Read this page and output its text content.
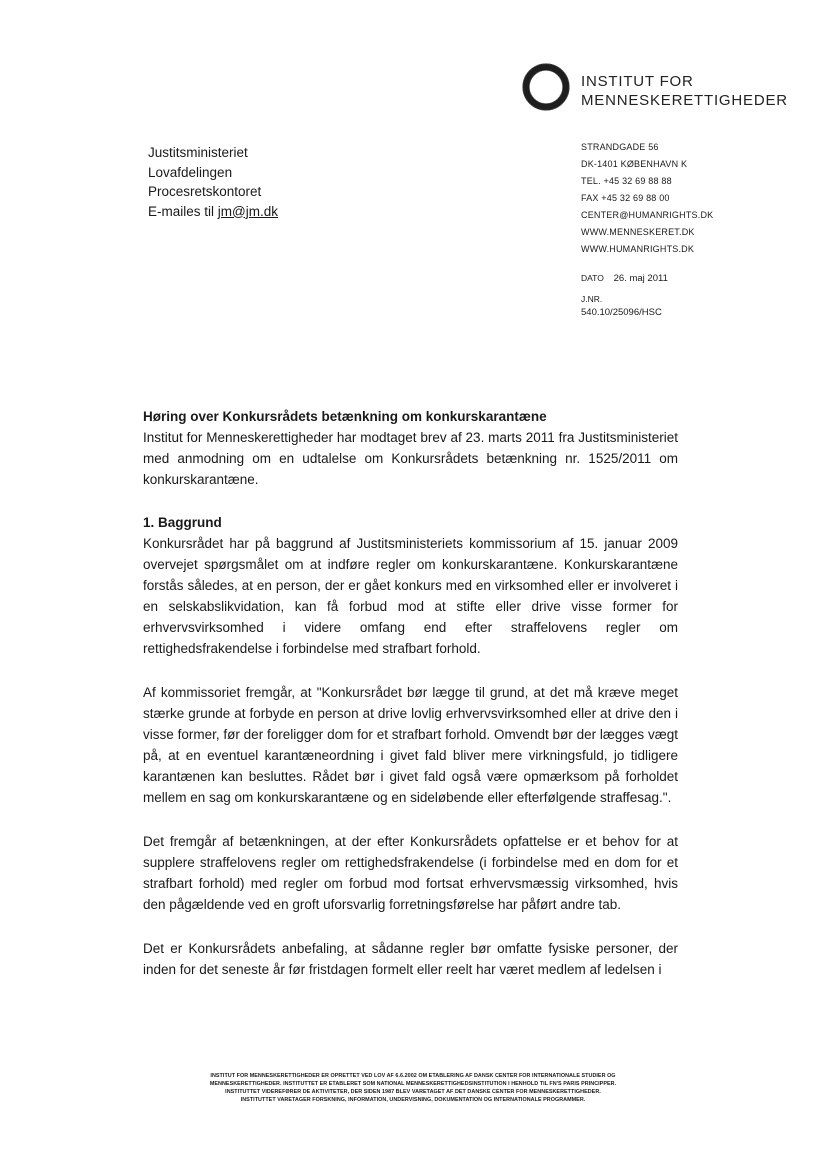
INSTITUT FOR
MENNESKERETTIGHEDER
Justitsministeriet
Lovafdelingen
Procesretskontoret
E-mailes til jm@jm.dk
STRANDGADE 56
DK-1401 KØBENHAVN K
TEL. +45 32 69 88 88
FAX +45 32 69 88 00
CENTER@HUMANRIGHTS.DK
WWW.MENNESKERET.DK
WWW.HUMANRIGHTS.DK
DATO 26. maj 2011
J.NR.
540.10/25096/HSC
Høring over Konkursrådets betænkning om konkurskarantæne

Institut for Menneskerettigheder har modtaget brev af 23. marts 2011 fra Justitsministeriet med anmodning om en udtalelse om Konkursrådets betænkning nr. 1525/2011 om konkurskarantæne.

1. Baggrund

Konkursrådet har på baggrund af Justitsministeriets kommissorium af 15. januar 2009 overvejet spørgsmålet om at indføre regler om konkurskarantæne. Konkurskarantæne forstås således, at en person, der er gået konkurs med en virksomhed eller er involveret i en selskabslikvidation, kan få forbud mod at stifte eller drive visse former for erhvervsvirksomhed i videre omfang end efter straffelovens regler om rettighedsfrakendelse i forbindelse med strafbart forhold.

Af kommissoriet fremgår, at "Konkursrådet bør lægge til grund, at det må kræve meget stærke grunde at forbyde en person at drive lovlig erhvervsvirksomhed eller at drive den i visse former, før der foreligger dom for et strafbart forhold. Omvendt bør der lægges vægt på, at en eventuel karantæneordning i givet fald bliver mere virkningsfuld, jo tidligere karantænen kan besluttes. Rådet bør i givet fald også være opmærksom på forholdet mellem en sag om konkurskarantæne og en sideløbende eller efterfølgende straffesag.".

Det fremgår af betænkningen, at der efter Konkursrådets opfattelse er et behov for at supplere straffelovens regler om rettighedsfrakendelse (i forbindelse med en dom for et strafbart forhold) med regler om forbud mod fortsat erhvervsmæssig virksomhed, hvis den pågældende ved en groft uforsvarlig forretningsførelse har påført andre tab.

Det er Konkursrådets anbefaling, at sådanne regler bør omfatte fysiske personer, der inden for det seneste år før fristdagen formelt eller reelt har været medlem af ledelsen i

INSTITUT FOR MENNESKERETTIGHEDER ER OPRETTET VED LOV AF 6.6.2002 OM ETABLERING AF DANSK CENTER FOR INTERNATIONALE STUDIER OG
MENNESKERETTIGHEDER. INSTITUTTET ER ETABLERET SOM NATIONAL MENNESKERETTIGHEDSINSTITUTION I HENHOLD TIL FN'S PARIS PRINCIPPER.
INSTITUTTET VIDEREFØRER DE AKTIVITETER, DER SIDEN 1987 BLEV VARETAGET AF DET DANSKE CENTER FOR MENNESKERETTIGHEDER.
INSTITUTTET VARETAGER FORSKNING, INFORMATION, UNDERVISNING, DOKUMENTATION OG INTERNATIONALE PROGRAMMER.
